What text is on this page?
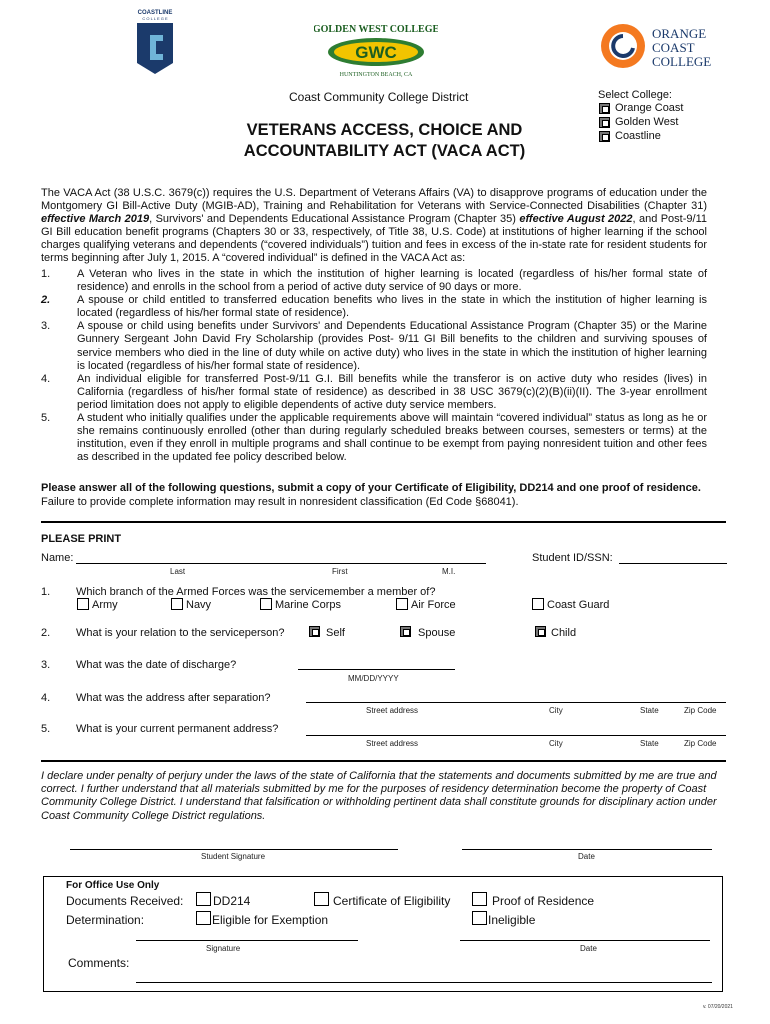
COASTLINE
C O L L E G E
GOLDEN WEST COLLEGE
GWC
HUNTINGTON BEACH, CA
ORANGE
COAST
COLLEGE
Coast Community College District
VETERANS ACCESS, CHOICE AND
ACCOUNTABILITY ACT (VACA ACT)
Select College:
Orange Coast
Golden West
Coastline
The VACA Act (38 U.S.C. 3679(c)) requires the U.S. Department of Veterans Affairs (VA) to disapprove programs of education under the Montgomery GI Bill-Active Duty (MGIB-AD), Training and Rehabilitation for Veterans with Service-Connected Disabilities (Chapter 31) effective March 2019, Survivors' and Dependents Educational Assistance Program (Chapter 35) effective August 2022, and Post-9/11 GI Bill education benefit programs (Chapters 30 or 33, respectively, of Title 38, U.S. Code) at institutions of higher learning if the school charges qualifying veterans and dependents (“covered individuals”) tuition and fees in excess of the in-state rate for resident students for terms beginning after July 1, 2015. A “covered individual” is defined in the VACA Act as:
1.	A Veteran who lives in the state in which the institution of higher learning is located (regardless of his/her formal state of residence) and enrolls in the school from a period of active duty service of 90 days or more.
2.	A spouse or child entitled to transferred education benefits who lives in the state in which the institution of higher learning is located (regardless of his/her formal state of residence).
3.	A spouse or child using benefits under Survivors' and Dependents Educational Assistance Program (Chapter 35) or the Marine Gunnery Sergeant John David Fry Scholarship (provides Post- 9/11 GI Bill benefits to the children and surviving spouses of service members who died in the line of duty while on active duty) who lives in the state in which the institution of higher learning is located (regardless of his/her formal state of residence).
4.	An individual eligible for transferred Post-9/11 G.I. Bill benefits while the transferor is on active duty who resides (lives) in California (regardless of his/her formal state of residence) as described in 38 USC 3679(c)(2)(B)(ii)(II). The 3-year enrollment period limitation does not apply to eligible dependents of active duty service members.
5.	A student who initially qualifies under the applicable requirements above will maintain “covered individual” status as long as he or she remains continuously enrolled (other than during regularly scheduled breaks between courses, semesters or terms) at the institution, even if they enroll in multiple programs and shall continue to be exempt from paying nonresident tuition and other fees as described in the updated fee policy described below.
Please answer all of the following questions, submit a copy of your Certificate of Eligibility, DD214 and one proof of residence.
Failure to provide complete information may result in nonresident classification (Ed Code §68041).
PLEASE PRINT
Name:
Last	First	M.I.
Student ID/SSN:
1. Which branch of the Armed Forces was the servicemember a member of?
Army	Navy	Marine Corps	Air Force	Coast Guard
2. What is your relation to the serviceperson?	Self	Spouse	Child
3. What was the date of discharge?
MM/DD/YYYY
4. What was the address after separation?
Street address	City	State	Zip Code
5. What is your current permanent address?
Street address	City	State	Zip Code
I declare under penalty of perjury under the laws of the state of California that the statements and documents submitted by me are true and correct. I further understand that all materials submitted by me for the purposes of residency determination become the property of Coast Community College District. I understand that falsification or withholding pertinent data shall constitute grounds for disciplinary action under Coast Community College District regulations.
Student Signature	Date
For Office Use Only
Documents Received: DD214	Certificate of Eligibility	Proof of Residence
Determination:	Eligible for Exemption	Ineligible
Signature	Date
Comments:
v. 07/20/2021
